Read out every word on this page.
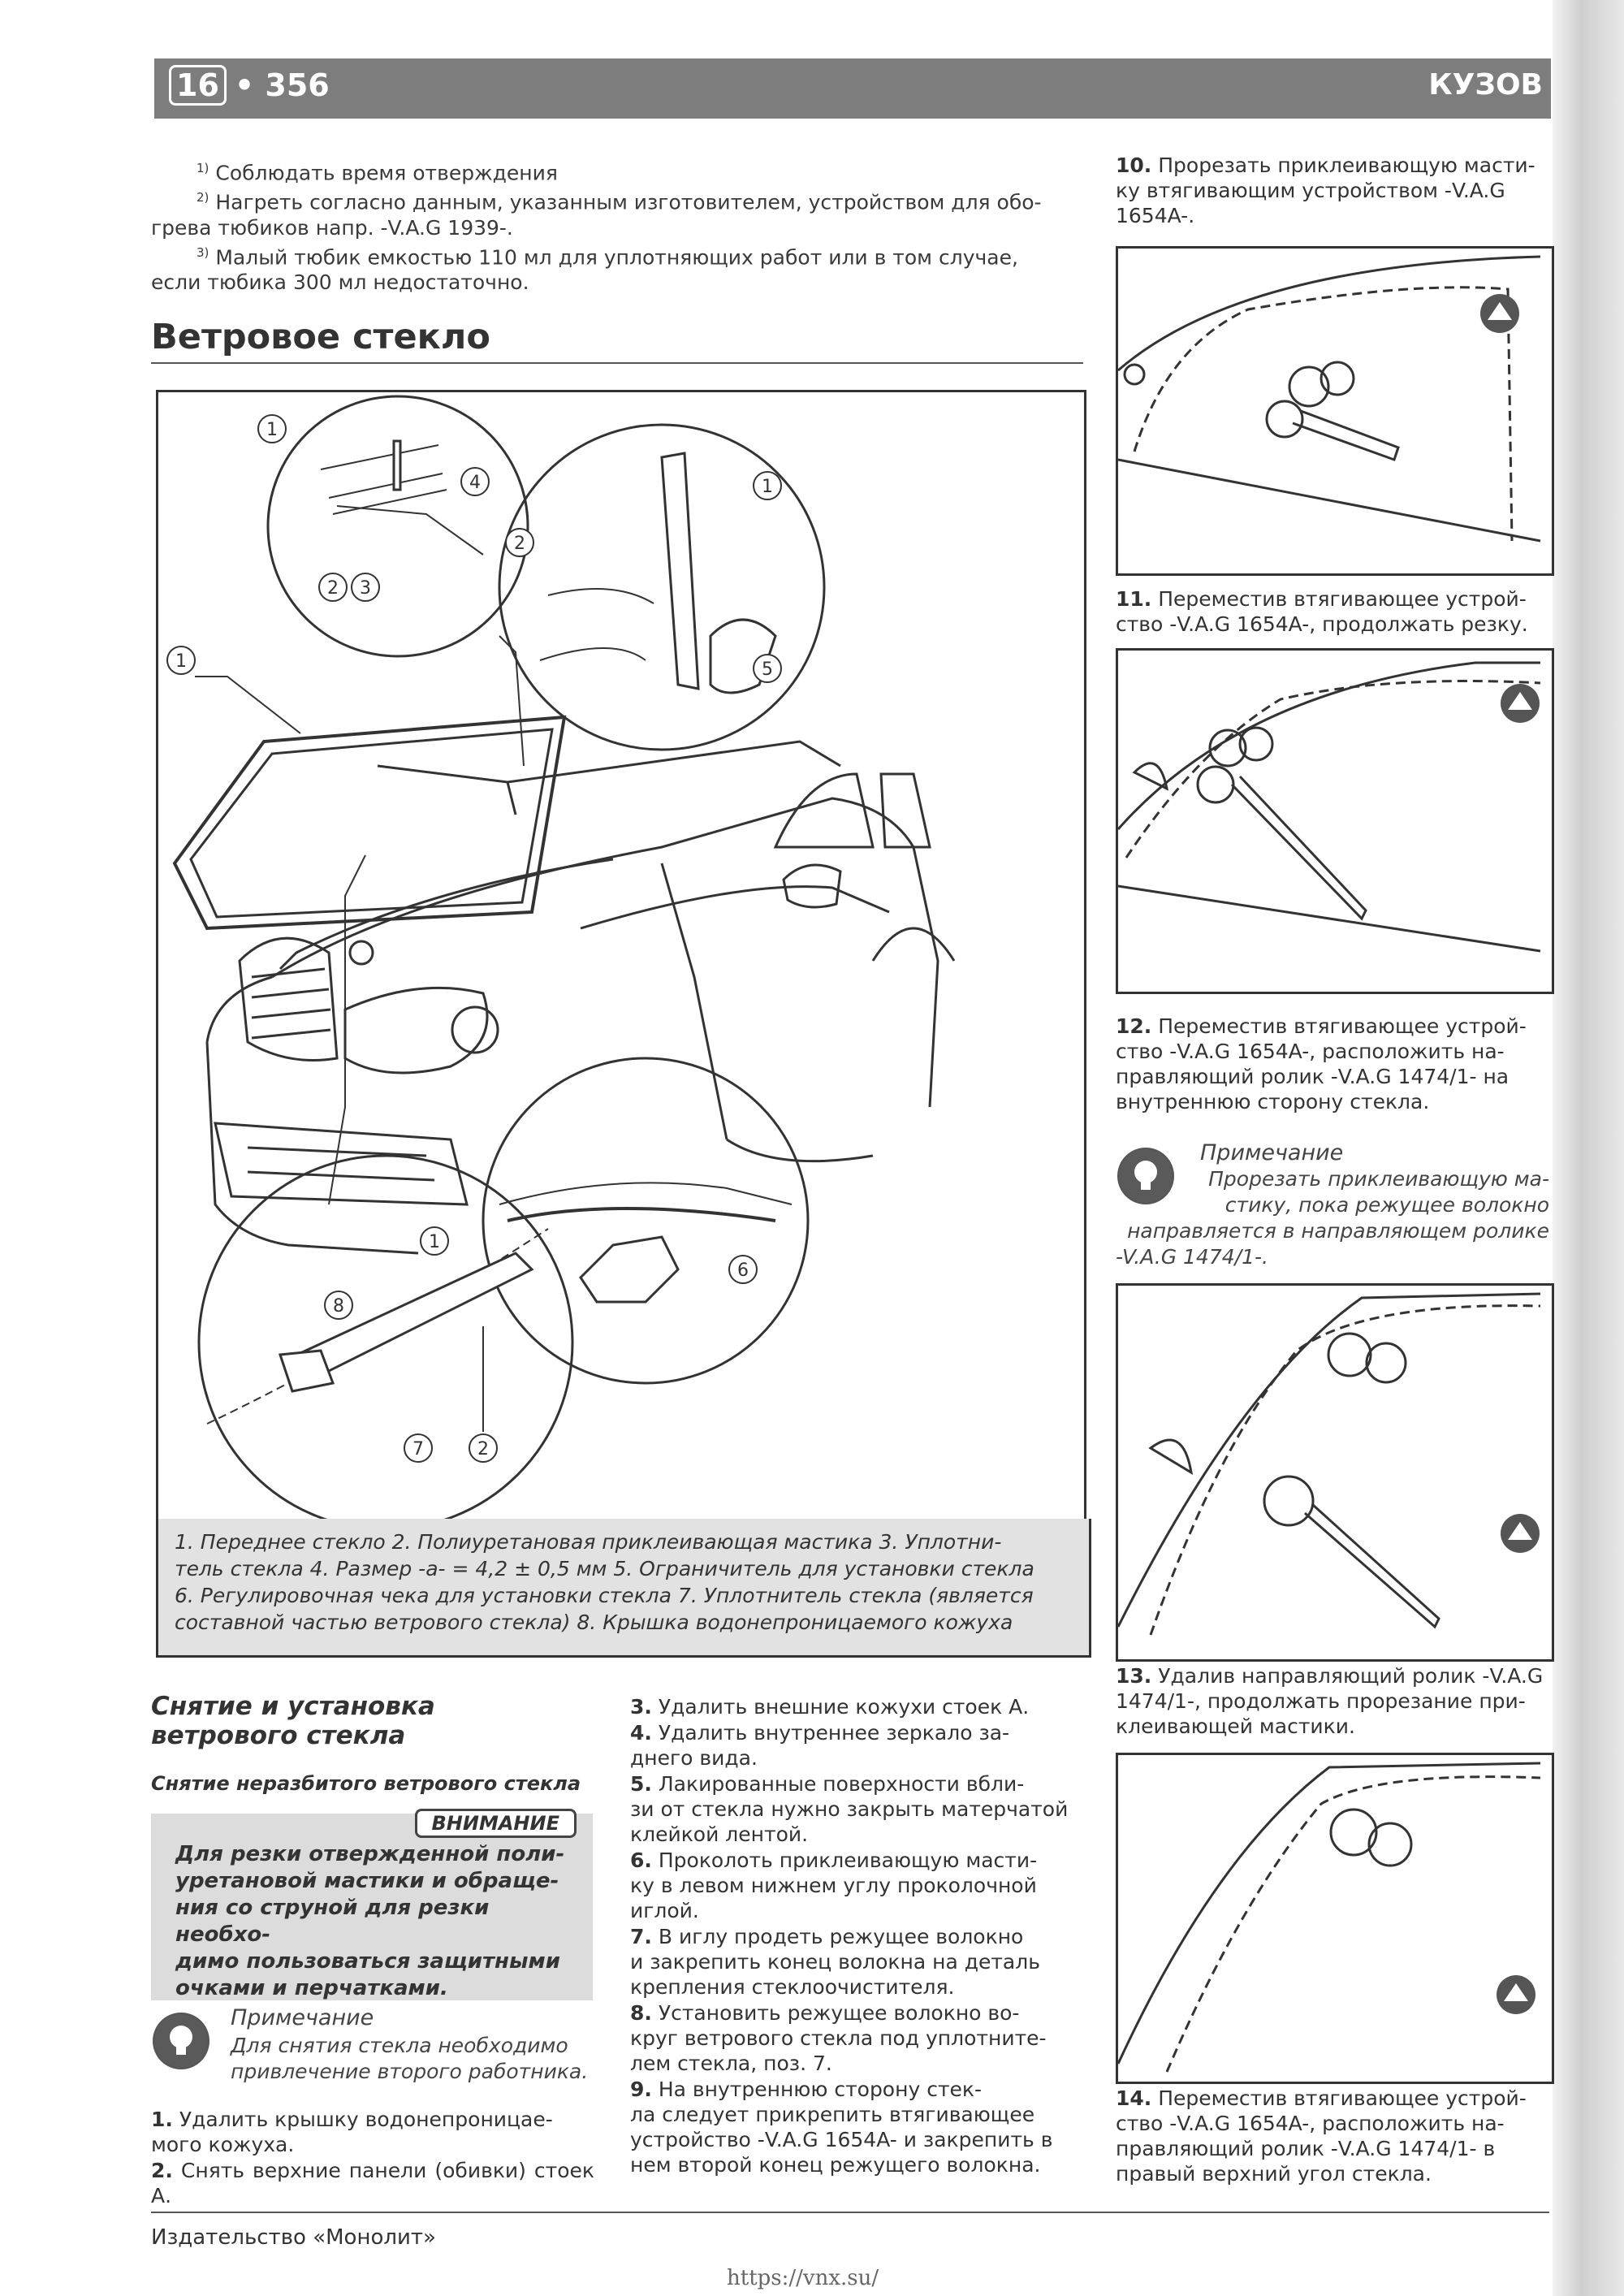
16 • 356	КУЗОВ
$^{1)}$ Соблюдать время отверждения
$^{2)}$ Нагреть согласно данным, указанным изготовителем, устройством для обо-
грева тюбиков напр. -V.A.G 1939-.
$^{3)}$ Малый тюбик емкостью 110 мл для уплотняющих работ или в том случае,
если тюбика 300 мл недостаточно.
Ветровое стекло
1
4
2 3
1
2
5
1
6
1
8
7	2

1. Переднее стекло 2. Полиуретановая приклеивающая мастика 3. Уплотни-
тель стекла 4. Размер -а- = 4,2 ± 0,5 мм 5. Ограничитель для установки стекла
6. Регулировочная чека для установки стекла 7. Уплотнитель стекла (является
составной частью ветрового стекла) 8. Крышка водонепроницаемого кожуха

Снятие и установка
ветрового стекла
Снятие неразбитого ветрового стекла
ВНИМАНИЕ
Для резки отвержденной поли-
уретановой мастики и обраще-
ния со струной для резки необхо-
димо пользоваться защитными
очками и перчатками.
Примечание
Для снятия стекла необходимо
привлечение второго работника.
1. Удалить крышку водонепроницае-
мого кожуха.
2. Снять верхние панели (обивки) стоек А.
3. Удалить внешние кожухи стоек А.
4. Удалить внутреннее зеркало за-
днего вида.
5. Лакированные поверхности вбли-
зи от стекла нужно закрыть матерчатой
клейкой лентой.
6. Проколоть приклеивающую масти-
ку в левом нижнем углу проколочной
иглой.
7. В иглу продеть режущее волокно
и закрепить конец волокна на деталь
крепления стеклоочистителя.
8. Установить режущее волокно во-
круг ветрового стекла под уплотните-
лем стекла, поз. 7.
9. На внутреннюю сторону стек-
ла следует прикрепить втягивающее
устройство -V.A.G 1654A- и закрепить в
нем второй конец режущего волокна.
10. Прорезать приклеивающую масти-
ку втягивающим устройством -V.A.G
1654A-.
11. Переместив втягивающее устрой-
ство -V.A.G 1654A-, продолжать резку.
12. Переместив втягивающее устрой-
ство -V.A.G 1654A-, расположить на-
правляющий ролик -V.A.G 1474/1- на
внутреннюю сторону стекла.
Примечание
Прорезать приклеивающую ма-
стику, пока режущее волокно
направляется в направляющем ролике
-V.A.G 1474/1-.
13. Удалив направляющий ролик -V.A.G
1474/1-, продолжать прорезание при-
клеивающей мастики.
14. Переместив втягивающее устрой-
ство -V.A.G 1654A-, расположить на-
правляющий ролик -V.A.G 1474/1- в
правый верхний угол стекла.
Издательство «Монолит»
https://vnx.su/
